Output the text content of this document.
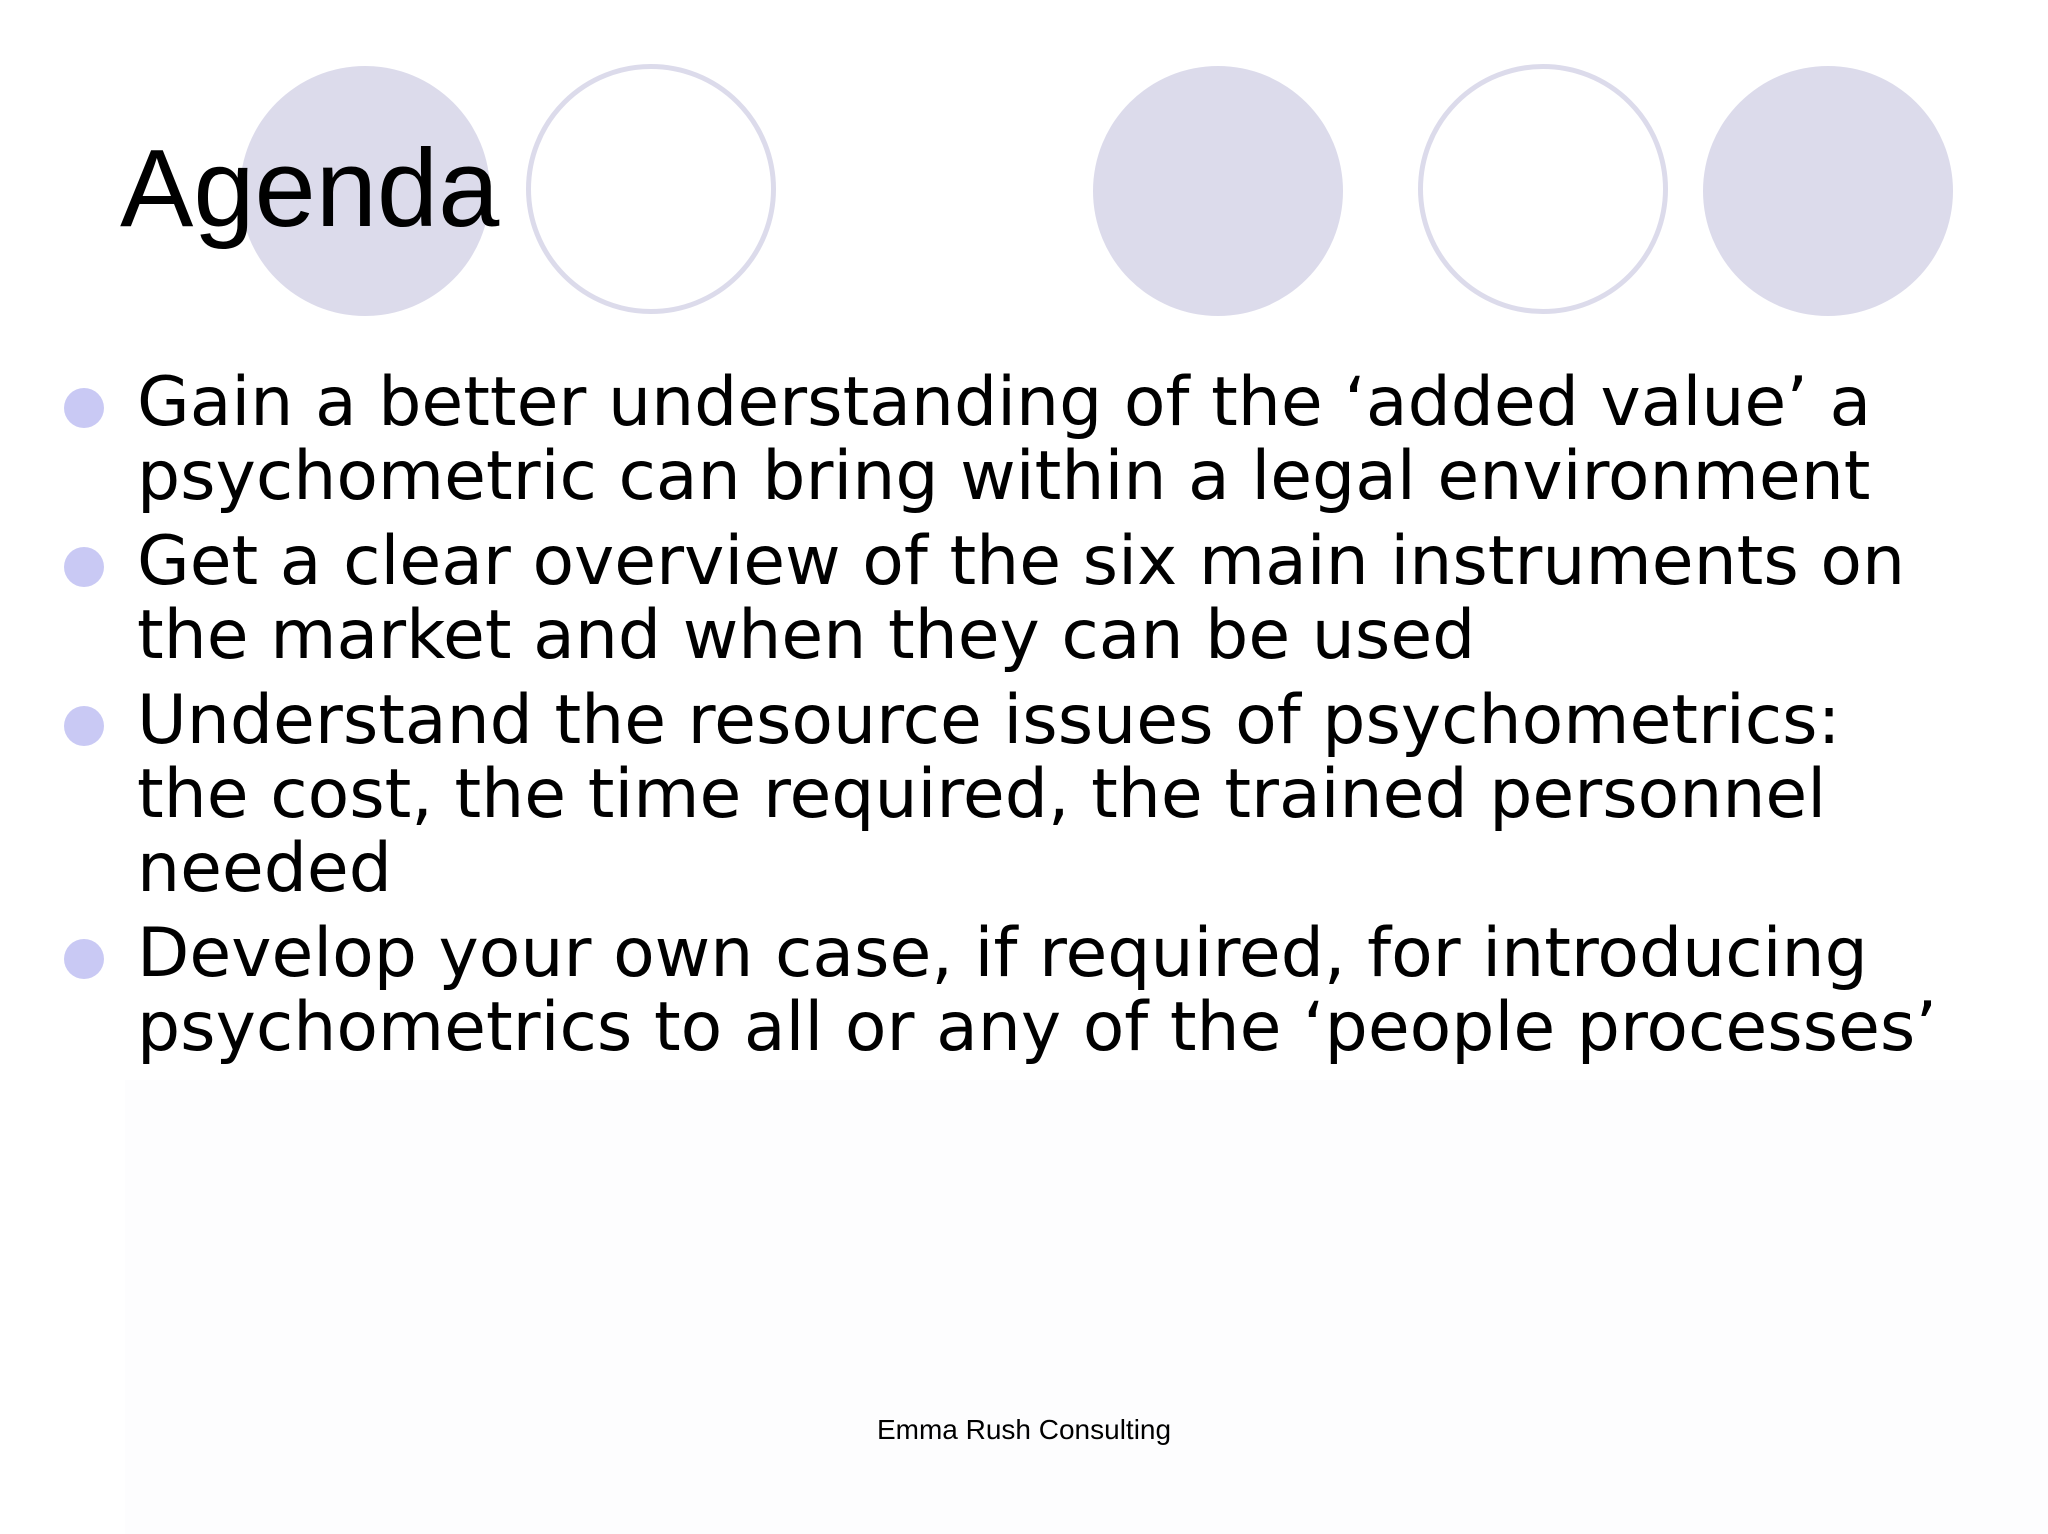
Agenda
Gain a better understanding of the ‘added value’ a
psychometric can bring within a legal environment
Get a clear overview of the six main instruments on
the market and when they can be used
Understand the resource issues of psychometrics:
the cost, the time required, the trained personnel
needed
Develop your own case, if required, for introducing
psychometrics to all or any of the ‘people processes’
Emma Rush Consulting
